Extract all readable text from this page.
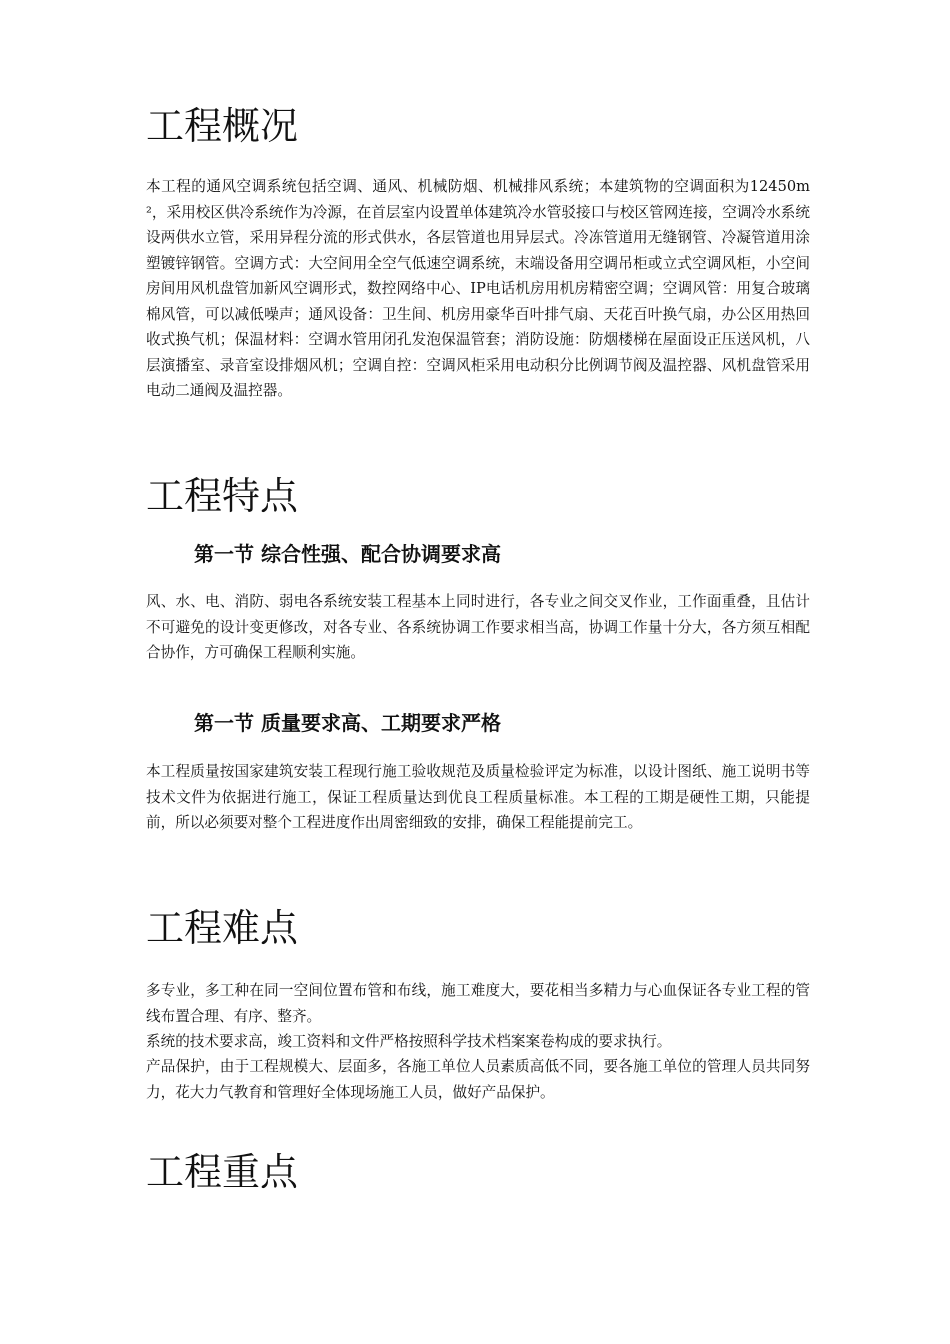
工程概况

本工程的通风空调系统包括空调、通风、机械防烟、机械排风系统；本建筑物的空调面积为12450m²，采用校区供冷系统作为冷源，在首层室内设置单体建筑冷水管驳接口与校区管网连接，空调冷水系统设两供水立管，采用异程分流的形式供水，各层管道也用异层式。冷冻管道用无缝钢管、冷凝管道用涂塑镀锌钢管。空调方式：大空间用全空气低速空调系统，末端设备用空调吊柜或立式空调风柜，小空间房间用风机盘管加新风空调形式，数控网络中心、IP电话机房用机房精密空调；空调风管：用复合玻璃棉风管，可以减低噪声；通风设备：卫生间、机房用豪华百叶排气扇、天花百叶换气扇，办公区用热回收式换气机；保温材料：空调水管用闭孔发泡保温管套；消防设施：防烟楼梯在屋面设正压送风机，八层演播室、录音室设排烟风机；空调自控：空调风柜采用电动积分比例调节阀及温控器、风机盘管采用电动二通阀及温控器。

工程特点
第一节 综合性强、配合协调要求高

风、水、电、消防、弱电各系统安装工程基本上同时进行，各专业之间交叉作业，工作面重叠，且估计不可避免的设计变更修改，对各专业、各系统协调工作要求相当高，协调工作量十分大，各方须互相配合协作，方可确保工程顺利实施。

第一节 质量要求高、工期要求严格

本工程质量按国家建筑安装工程现行施工验收规范及质量检验评定为标准，以设计图纸、施工说明书等技术文件为依据进行施工，保证工程质量达到优良工程质量标准。本工程的工期是硬性工期，只能提前，所以必须要对整个工程进度作出周密细致的安排，确保工程能提前完工。

工程难点

多专业，多工种在同一空间位置布管和布线，施工难度大，要花相当多精力与心血保证各专业工程的管线布置合理、有序、整齐。

系统的技术要求高，竣工资料和文件严格按照科学技术档案案卷构成的要求执行。

产品保护，由于工程规模大、层面多，各施工单位人员素质高低不同，要各施工单位的管理人员共同努力，花大力气教育和管理好全体现场施工人员，做好产品保护。

工程重点
